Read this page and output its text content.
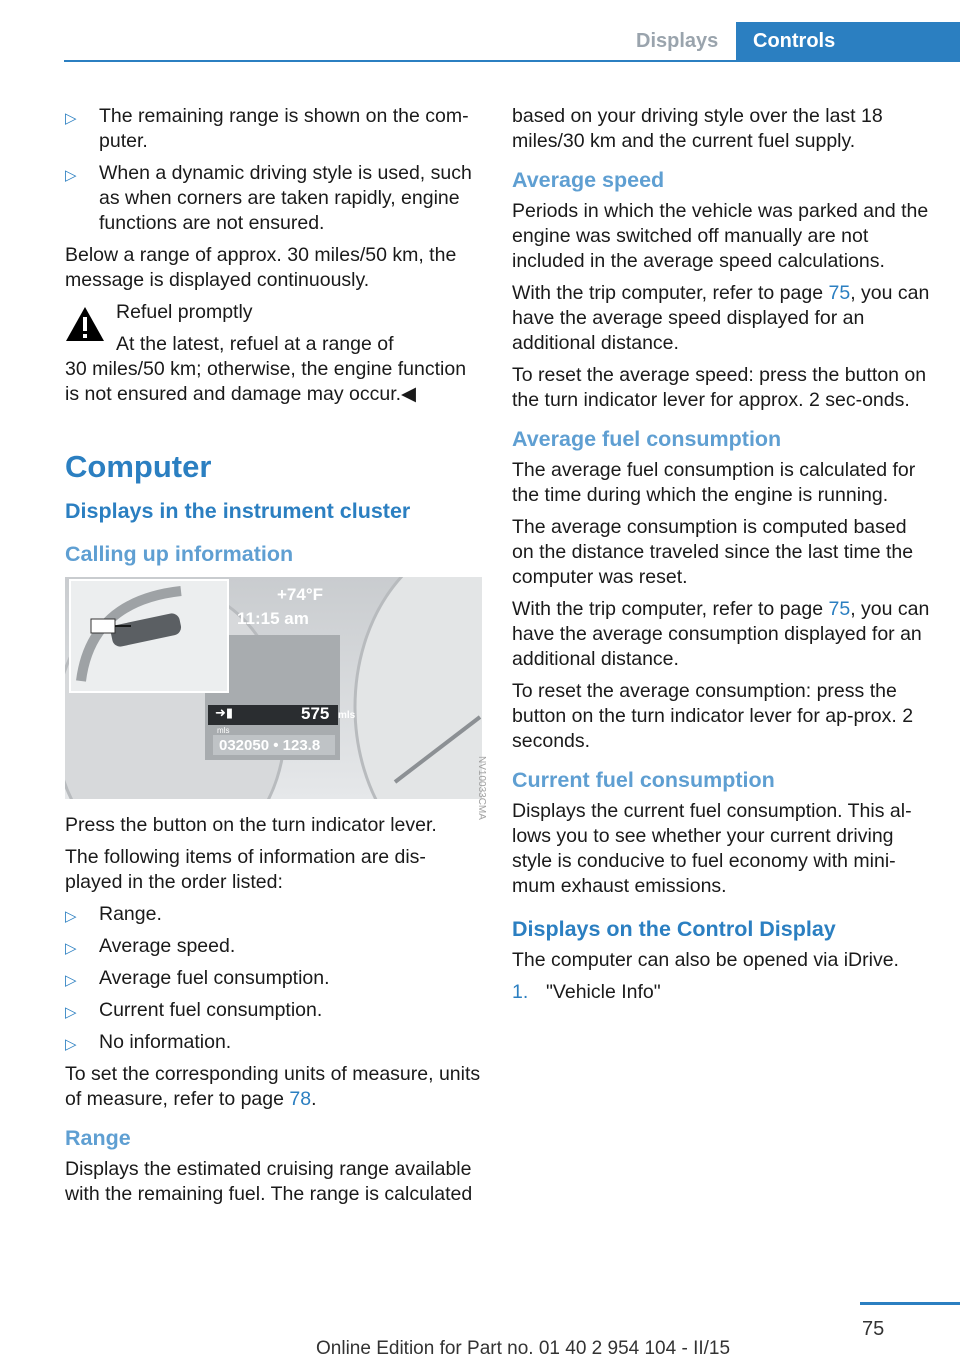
Displays	Controls
▷ The remaining range is shown on the com‐puter.
▷ When a dynamic driving style is used, such as when corners are taken rapidly, engine functions are not ensured.

Below a range of approx. 30 miles/50 km, the message is displayed continuously.

Refuel promptly
At the latest, refuel at a range of
30 miles/50 km; otherwise, the engine function is not ensured and damage may occur.◀
Computer
Displays in the instrument cluster
Calling up information
+74°F
11:15 am
➜▮	575 mls
mls
032050 • 123.8

Press the button on the turn indicator lever.

The following items of information are dis‐played in the order listed:

▷ Range.
▷ Average speed.
▷ Average fuel consumption.
▷ Current fuel consumption.
▷ No information.

To set the corresponding units of measure, units of measure, refer to page 78.

Range

Displays the estimated cruising range available with the remaining fuel. The range is calculated

NV10033CMA

based on your driving style over the last 18 miles/30 km and the current fuel supply.

Average speed

Periods in which the vehicle was parked and the engine was switched off manually are not included in the average speed calculations.

With the trip computer, refer to page 75, you can have the average speed displayed for an additional distance.

To reset the average speed: press the button on the turn indicator lever for approx. 2 sec‐onds.

Average fuel consumption

The average fuel consumption is calculated for the time during which the engine is running.

The average consumption is computed based on the distance traveled since the last time the computer was reset.

With the trip computer, refer to page 75, you can have the average consumption displayed for an additional distance.

To reset the average consumption: press the button on the turn indicator lever for ap‐prox. 2 seconds.

Current fuel consumption

Displays the current fuel consumption. This al‐lows you to see whether your current driving style is conducive to fuel economy with mini‐mum exhaust emissions.

Displays on the Control Display

The computer can also be opened via iDrive.

1. "Vehicle Info"
75
Online Edition for Part no. 01 40 2 954 104 - II/15
